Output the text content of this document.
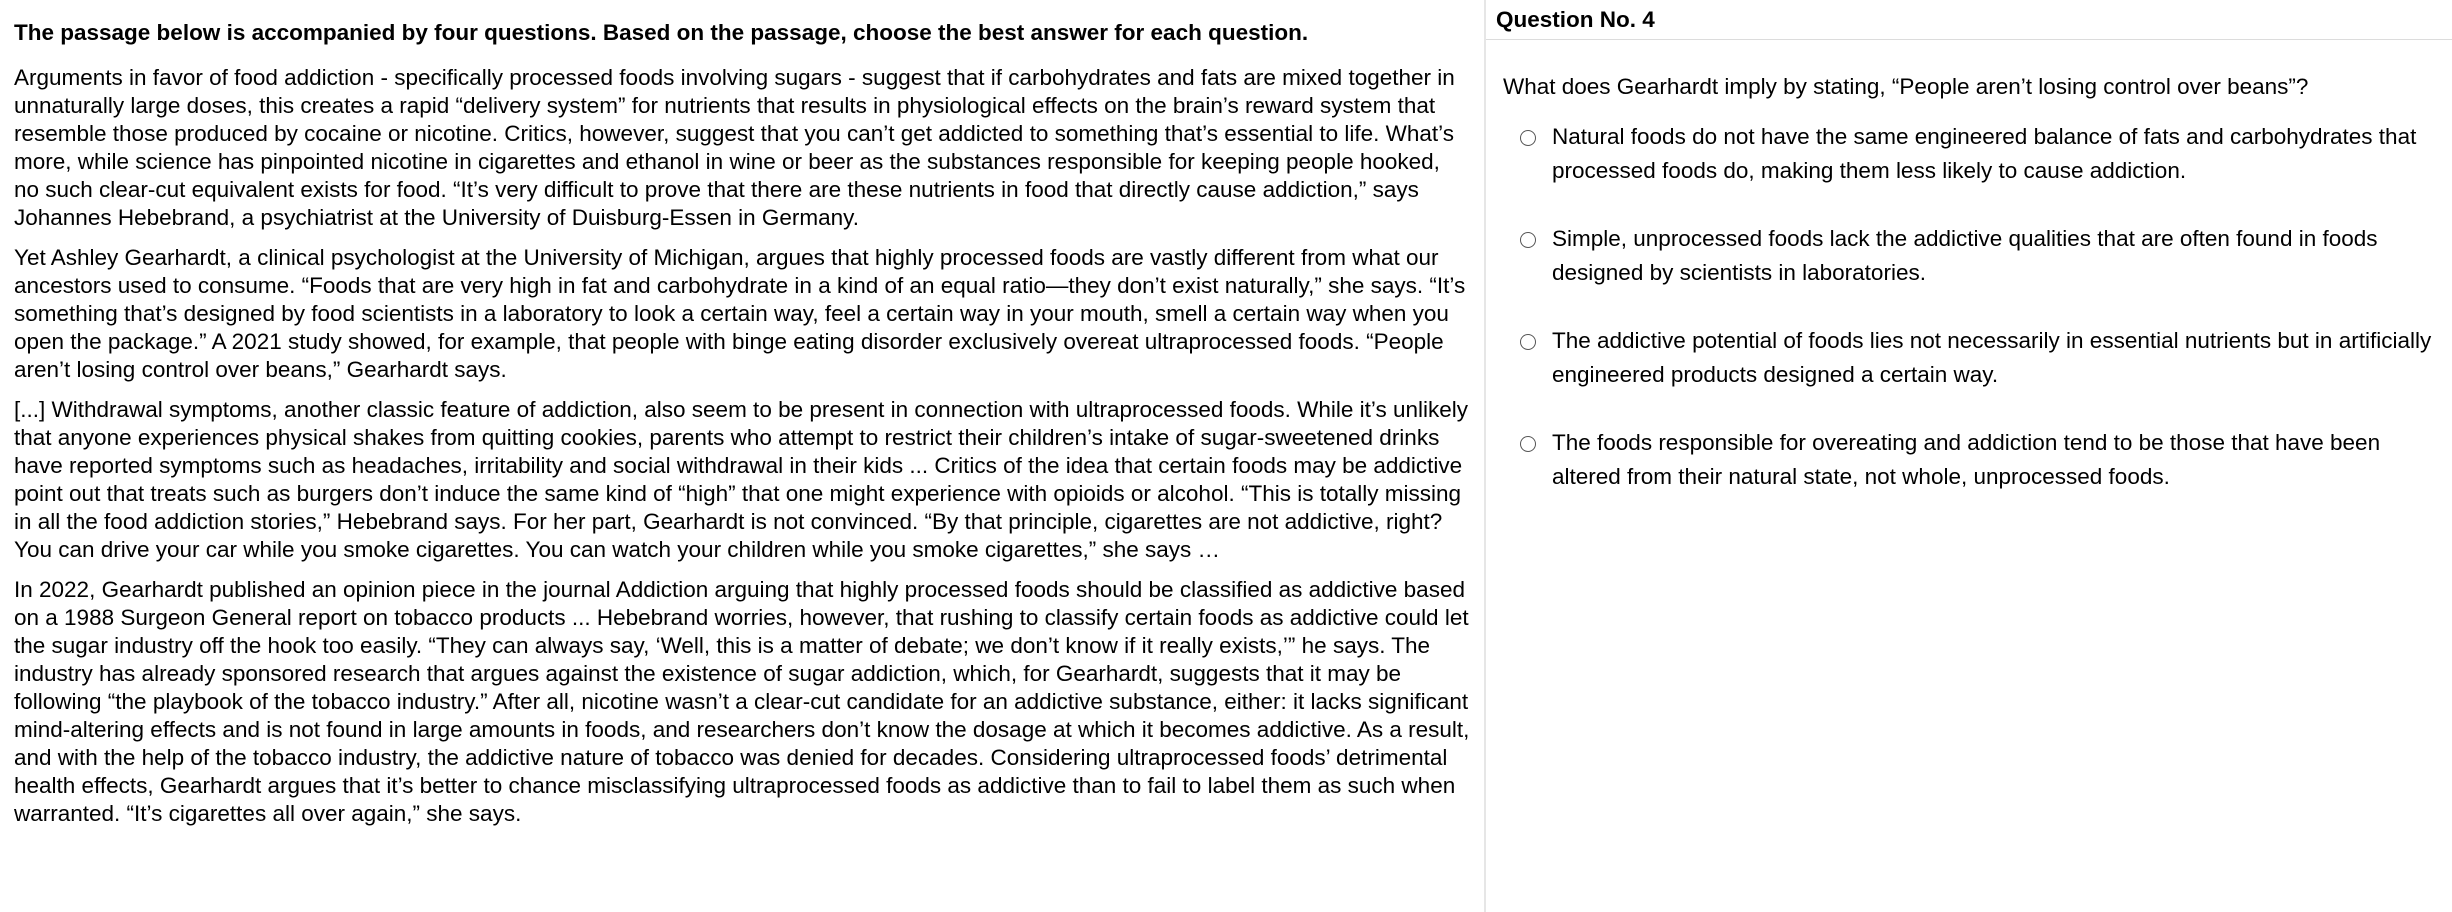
The passage below is accompanied by four questions. Based on the passage, choose the best answer for each question.

Arguments in favor of food addiction - specifically processed foods involving sugars - suggest that if carbohydrates and fats are mixed together in unnaturally large doses, this creates a rapid “delivery system” for nutrients that results in physiological effects on the brain’s reward system that resemble those produced by cocaine or nicotine. Critics, however, suggest that you can’t get addicted to something that’s essential to life. What’s more, while science has pinpointed nicotine in cigarettes and ethanol in wine or beer as the substances responsible for keeping people hooked, no such clear-cut equivalent exists for food. “It’s very difficult to prove that there are these nutrients in food that directly cause addiction,” says Johannes Hebebrand, a psychiatrist at the University of Duisburg-Essen in Germany.

Yet Ashley Gearhardt, a clinical psychologist at the University of Michigan, argues that highly processed foods are vastly different from what our ancestors used to consume. “Foods that are very high in fat and carbohydrate in a kind of an equal ratio—they don’t exist naturally,” she says. “It’s something that’s designed by food scientists in a laboratory to look a certain way, feel a certain way in your mouth, smell a certain way when you open the package.” A 2021 study showed, for example, that people with binge eating disorder exclusively overeat ultraprocessed foods. “People aren’t losing control over beans,” Gearhardt says.

[...] Withdrawal symptoms, another classic feature of addiction, also seem to be present in connection with ultraprocessed foods. While it’s unlikely that anyone experiences physical shakes from quitting cookies, parents who attempt to restrict their children’s intake of sugar-sweetened drinks have reported symptoms such as headaches, irritability and social withdrawal in their kids ... Critics of the idea that certain foods may be addictive point out that treats such as burgers don’t induce the same kind of “high” that one might experience with opioids or alcohol. “This is totally missing in all the food addiction stories,” Hebebrand says. For her part, Gearhardt is not convinced. “By that principle, cigarettes are not addictive, right? You can drive your car while you smoke cigarettes. You can watch your children while you smoke cigarettes,” she says …

In 2022, Gearhardt published an opinion piece in the journal Addiction arguing that highly processed foods should be classified as addictive based on a 1988 Surgeon General report on tobacco products ... Hebebrand worries, however, that rushing to classify certain foods as addictive could let the sugar industry off the hook too easily. “They can always say, ‘Well, this is a matter of debate; we don’t know if it really exists,’” he says. The industry has already sponsored research that argues against the existence of sugar addiction, which, for Gearhardt, suggests that it may be following “the playbook of the tobacco industry.” After all, nicotine wasn’t a clear-cut candidate for an addictive substance, either: it lacks significant mind-altering effects and is not found in large amounts in foods, and researchers don’t know the dosage at which it becomes addictive. As a result, and with the help of the tobacco industry, the addictive nature of tobacco was denied for decades. Considering ultraprocessed foods’ detrimental health effects, Gearhardt argues that it’s better to chance misclassifying ultraprocessed foods as addictive than to fail to label them as such when warranted. “It’s cigarettes all over again,” she says.

Question No. 4
What does Gearhardt imply by stating, “People aren’t losing control over beans”?
Natural foods do not have the same engineered balance of fats and carbohydrates that processed foods do, making them less likely to cause addiction.
Simple, unprocessed foods lack the addictive qualities that are often found in foods designed by scientists in laboratories.
The addictive potential of foods lies not necessarily in essential nutrients but in artificially engineered products designed a certain way.
The foods responsible for overeating and addiction tend to be those that have been altered from their natural state, not whole, unprocessed foods.
